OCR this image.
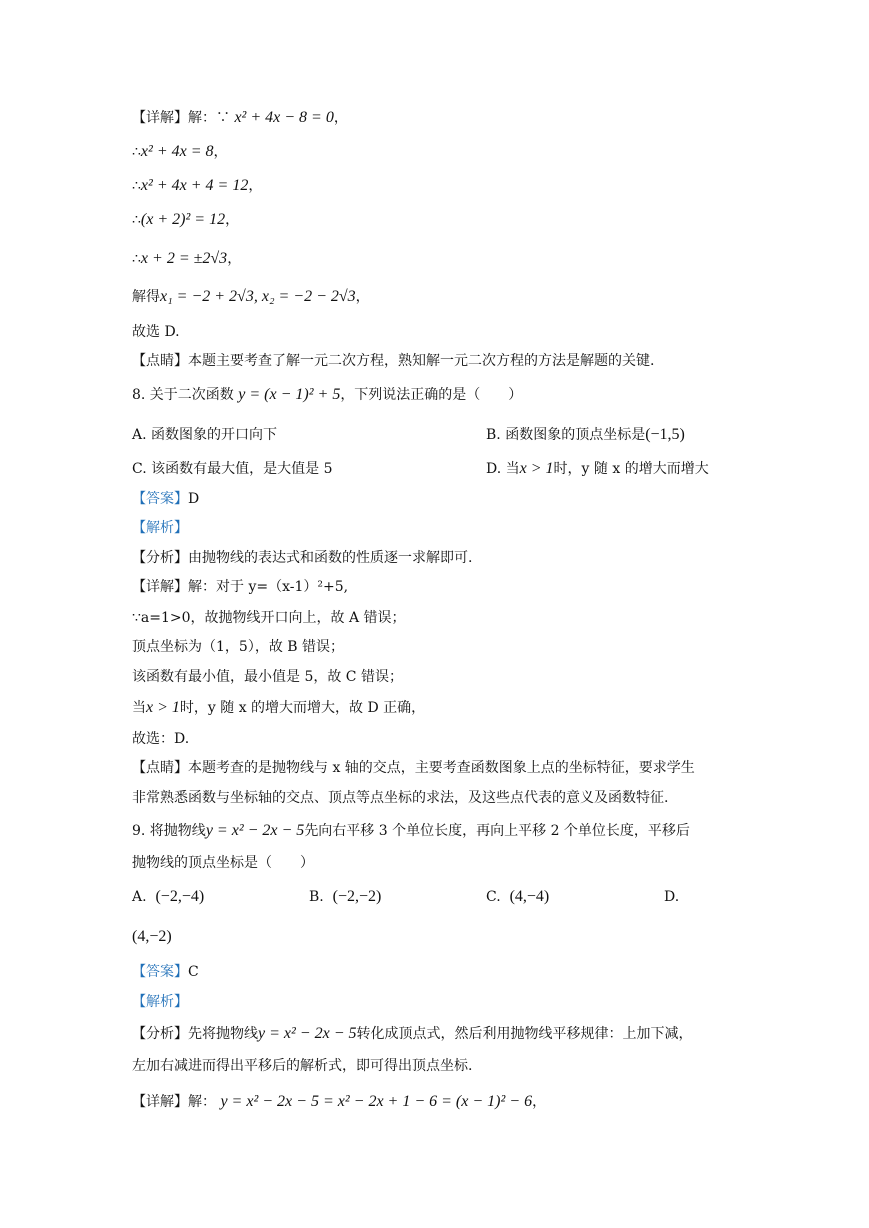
【详解】解：∵ x² + 4x − 8 = 0，
∴x² + 4x = 8，
∴x² + 4x + 4 = 12，
∴(x + 2)² = 12，
∴x + 2 = ±2√3，
解得x₁ = −2 + 2√3, x₂ = −2 − 2√3，
故选 D.
【点睛】本题主要考查了解一元二次方程，熟知解一元二次方程的方法是解题的关键.
8. 关于二次函数 y = (x − 1)² + 5，下列说法正确的是（　　）
A. 函数图象的开口向下	B. 函数图象的顶点坐标是(−1,5)
C. 该函数有最大值，是大值是 5	D. 当x > 1时，y 随 x 的增大而增大
【答案】D
【解析】
【分析】由抛物线的表达式和函数的性质逐一求解即可.
【详解】解：对于 y=（x-1）²+5,
∵a=1>0，故抛物线开口向上，故 A 错误；
顶点坐标为（1，5），故 B 错误；
该函数有最小值，最小值是 5，故 C 错误；
当x > 1时，y 随 x 的增大而增大，故 D 正确，
故选：D.
【点睛】本题考查的是抛物线与 x 轴的交点，主要考查函数图象上点的坐标特征，要求学生
非常熟悉函数与坐标轴的交点、顶点等点坐标的求法，及这些点代表的意义及函数特征.
9. 将抛物线y = x² − 2x − 5先向右平移 3 个单位长度，再向上平移 2 个单位长度，平移后
抛物线的顶点坐标是（　　）
A. (−2,−4)	B. (−2,−2)	C. (4,−4)	D.
(4,−2)
【答案】C
【解析】
【分析】先将抛物线y = x² − 2x − 5转化成顶点式，然后利用抛物线平移规律：上加下减，
左加右减进而得出平移后的解析式，即可得出顶点坐标.
【详解】解： y = x² − 2x − 5 = x² − 2x + 1 − 6 = (x − 1)² − 6，
